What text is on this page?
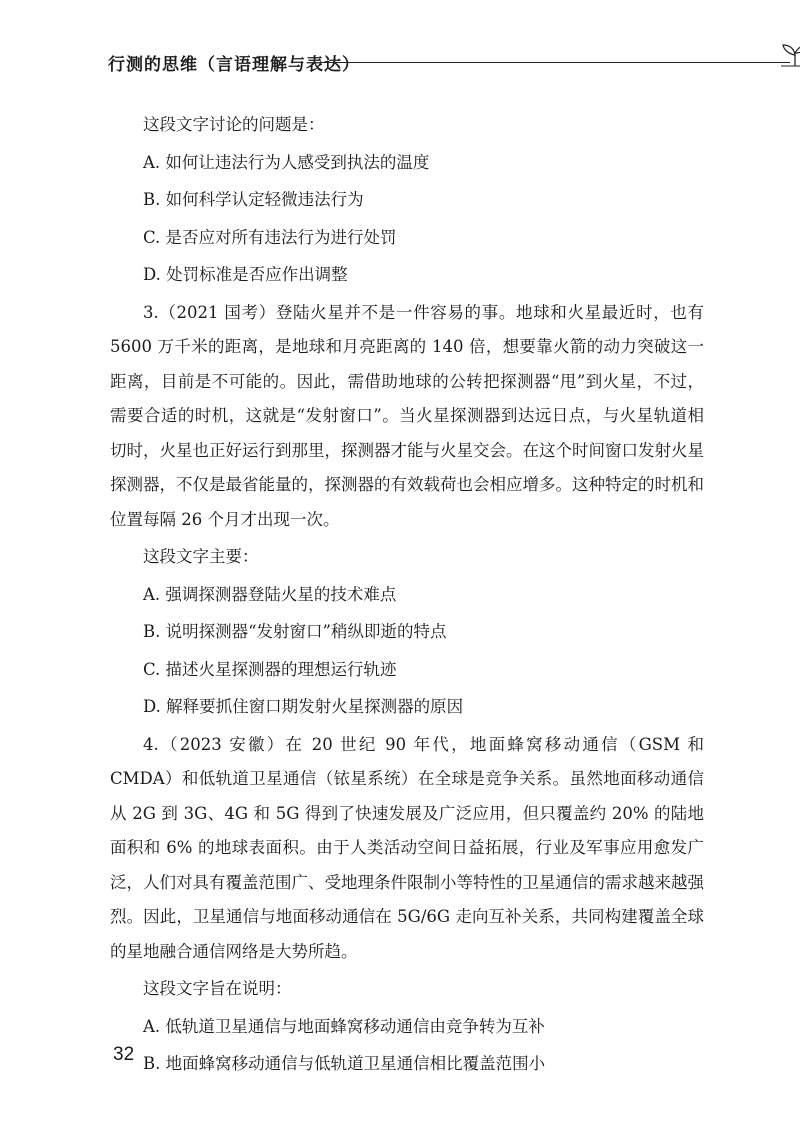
行测的思维（言语理解与表达）

这段文字讨论的问题是：

A. 如何让违法行为人感受到执法的温度

B. 如何科学认定轻微违法行为

C. 是否应对所有违法行为进行处罚

D. 处罚标准是否应作出调整

3.（2021 国考）登陆火星并不是一件容易的事。地球和火星最近时，也有 5600 万千米的距离，是地球和月亮距离的 140 倍，想要靠火箭的动力突破这一距离，目前是不可能的。因此，需借助地球的公转把探测器“甩”到火星，不过，需要合适的时机，这就是“发射窗口”。当火星探测器到达远日点，与火星轨道相切时，火星也正好运行到那里，探测器才能与火星交会。在这个时间窗口发射火星探测器，不仅是最省能量的，探测器的有效载荷也会相应增多。这种特定的时机和位置每隔 26 个月才出现一次。

这段文字主要：

A. 强调探测器登陆火星的技术难点

B. 说明探测器“发射窗口”稍纵即逝的特点

C. 描述火星探测器的理想运行轨迹

D. 解释要抓住窗口期发射火星探测器的原因

4.（2023 安徽）在 20 世纪 90 年代，地面蜂窝移动通信（GSM 和 CMDA）和低轨道卫星通信（铱星系统）在全球是竞争关系。虽然地面移动通信从 2G 到 3G、4G 和 5G 得到了快速发展及广泛应用，但只覆盖约 20% 的陆地面积和 6% 的地球表面积。由于人类活动空间日益拓展，行业及军事应用愈发广泛，人们对具有覆盖范围广、受地理条件限制小等特性的卫星通信的需求越来越强烈。因此，卫星通信与地面移动通信在 5G/6G 走向互补关系，共同构建覆盖全球的星地融合通信网络是大势所趋。

这段文字旨在说明：

A. 低轨道卫星通信与地面蜂窝移动通信由竞争转为互补

B. 地面蜂窝移动通信与低轨道卫星通信相比覆盖范围小

32
